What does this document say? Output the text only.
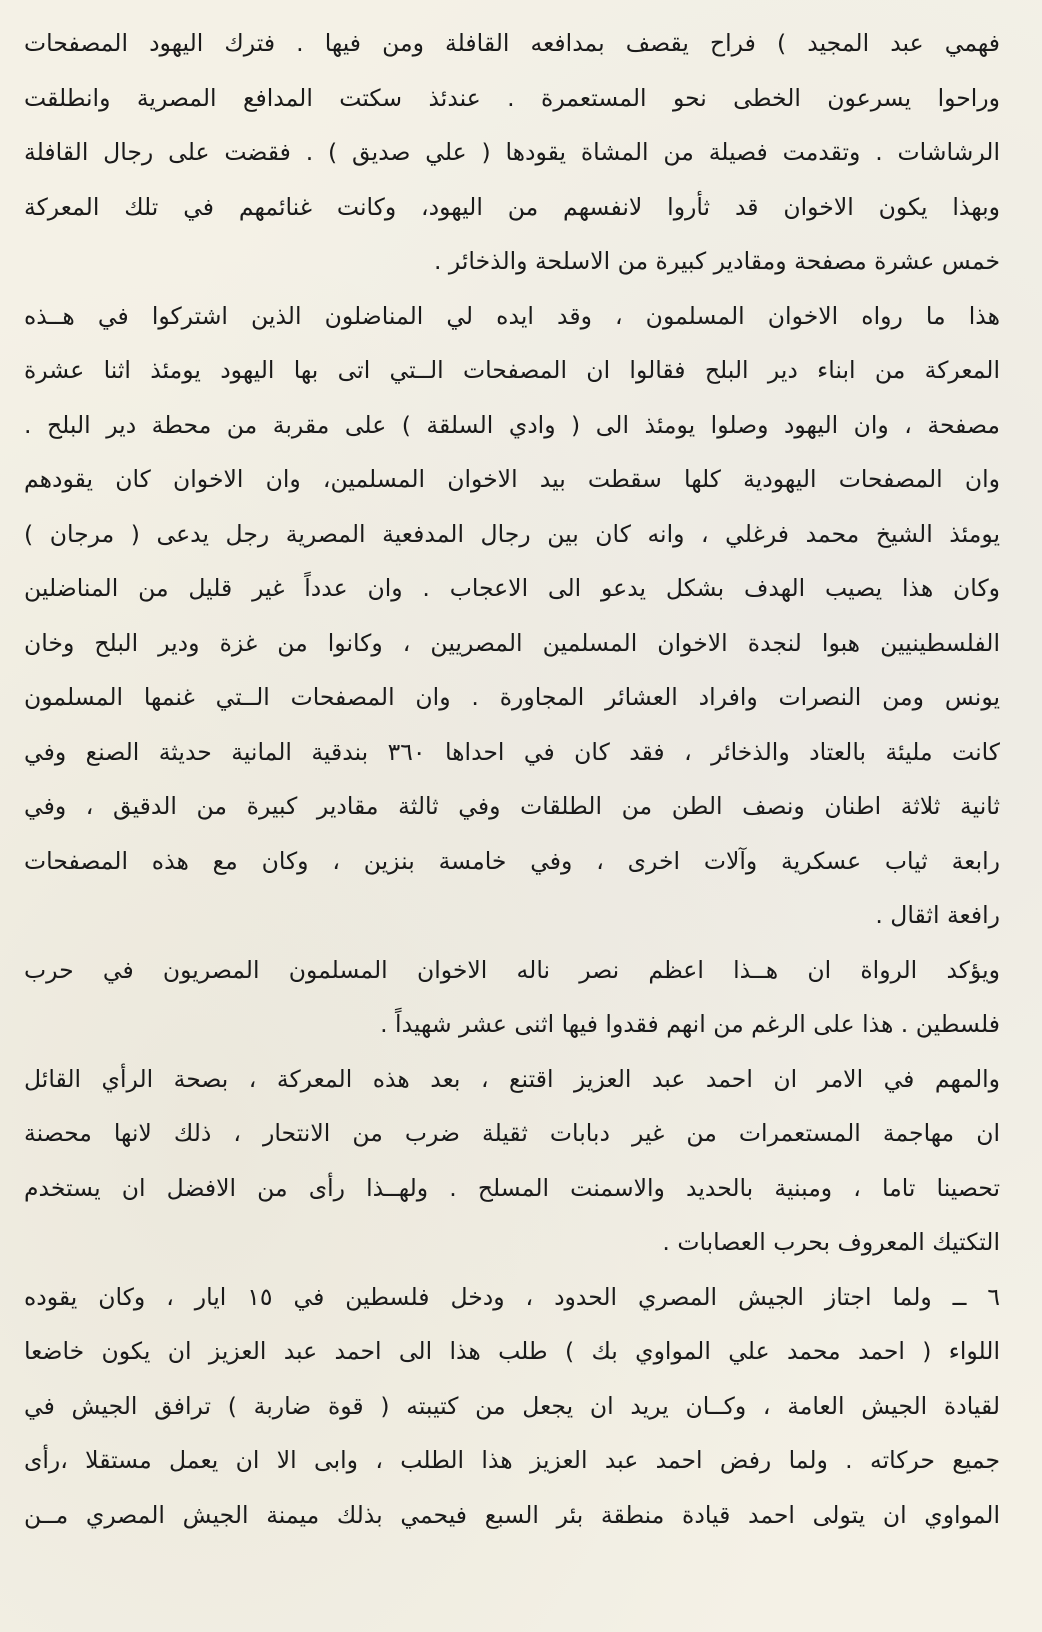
فهمي عبد المجيد ) فراح يقصف بمدافعه القافلة ومن فيها . فترك اليهود المصفحات
وراحوا يسرعون الخطى نحو المستعمرة . عندئذ سكتت المدافع المصرية وانطلقت
الرشاشات . وتقدمت فصيلة من المشاة يقودها ( علي صديق ) . فقضت على رجال القافلة
وبهذا يكون الاخوان قد ثأروا لانفسهم من اليهود، وكانت غنائمهم في تلك المعركة
خمس عشرة مصفحة ومقادير كبيرة من الاسلحة والذخائر .
هذا ما رواه الاخوان المسلمون ، وقد ايده لي المناضلون الذين اشتركوا في هــذه
المعركة من ابناء دير البلح فقالوا ان المصفحات الــتي اتى بها اليهود يومئذ اثنا عشرة
مصفحة ، وان اليهود وصلوا يومئذ الى ( وادي السلقة ) على مقربة من محطة دير البلح .
وان المصفحات اليهودية كلها سقطت بيد الاخوان المسلمين، وان الاخوان كان يقودهم
يومئذ الشيخ محمد فرغلي ، وانه كان بين رجال المدفعية المصرية رجل يدعى ( مرجان )
وكان هذا يصيب الهدف بشكل يدعو الى الاعجاب . وان عدداً غير قليل من المناضلين
الفلسطينيين هبوا لنجدة الاخوان المسلمين المصريين ، وكانوا من غزة ودير البلح وخان
يونس ومن النصرات وافراد العشائر المجاورة . وان المصفحات الــتي غنمها المسلمون
كانت مليئة بالعتاد والذخائر ، فقد كان في احداها ٣٦٠ بندقية المانية حديثة الصنع وفي
ثانية ثلاثة اطنان ونصف الطن من الطلقات وفي ثالثة مقادير كبيرة من الدقيق ، وفي
رابعة ثياب عسكرية وآلات اخرى ، وفي خامسة بنزين ، وكان مع هذه المصفحات
رافعة اثقال .
ويؤكد الرواة ان هــذا اعظم نصر ناله الاخوان المسلمون المصريون في حرب
فلسطين . هذا على الرغم من انهم فقدوا فيها اثنى عشر شهيداً .
والمهم في الامر ان احمد عبد العزيز اقتنع ، بعد هذه المعركة ، بصحة الرأي القائل
ان مهاجمة المستعمرات من غير دبابات ثقيلة ضرب من الانتحار ، ذلك لانها محصنة
تحصينا تاما ، ومبنية بالحديد والاسمنت المسلح . ولهــذا رأى من الافضل ان يستخدم
التكتيك المعروف بحرب العصابات .
٦ ــ ولما اجتاز الجيش المصري الحدود ، ودخل فلسطين في ١٥ ايار ، وكان يقوده
اللواء ( احمد محمد علي المواوي بك ) طلب هذا الى احمد عبد العزيز ان يكون خاضعا
لقيادة الجيش العامة ، وكــان يريد ان يجعل من كتيبته ( قوة ضاربة ) ترافق الجيش في
جميع حركاته . ولما رفض احمد عبد العزيز هذا الطلب ، وابى الا ان يعمل مستقلا ،رأى
المواوي ان يتولى احمد قيادة منطقة بئر السبع فيحمي بذلك ميمنة الجيش المصري مــن
